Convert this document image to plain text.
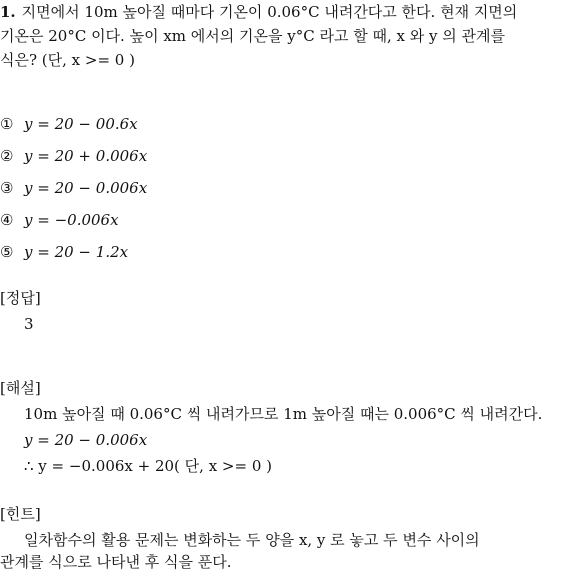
1. 지면에서 10m 높아질 때마다 기온이 0.06°C 내려간다고 한다. 현재 지면의
기온은 20°C 이다. 높이 xm 에서의 기온을 y°C 라고 할 때, x 와 y 의 관계를
식은? (단, x >= 0 )
① y = 20 − 00.6x
② y = 20 + 0.006x
③ y = 20 − 0.006x
④ y = −0.006x
⑤ y = 20 − 1.2x
[정답]
3
[해설]
10m 높아질 때 0.06°C 씩 내려가므로 1m 높아질 때는 0.006°C 씩 내려간다.
y = 20 − 0.006x
∴ y = −0.006x + 20( 단, x >= 0 )
[힌트]
일차함수의 활용 문제는 변화하는 두 양을 x, y 로 놓고 두 변수 사이의
관계를 식으로 나타낸 후 식을 푼다.
